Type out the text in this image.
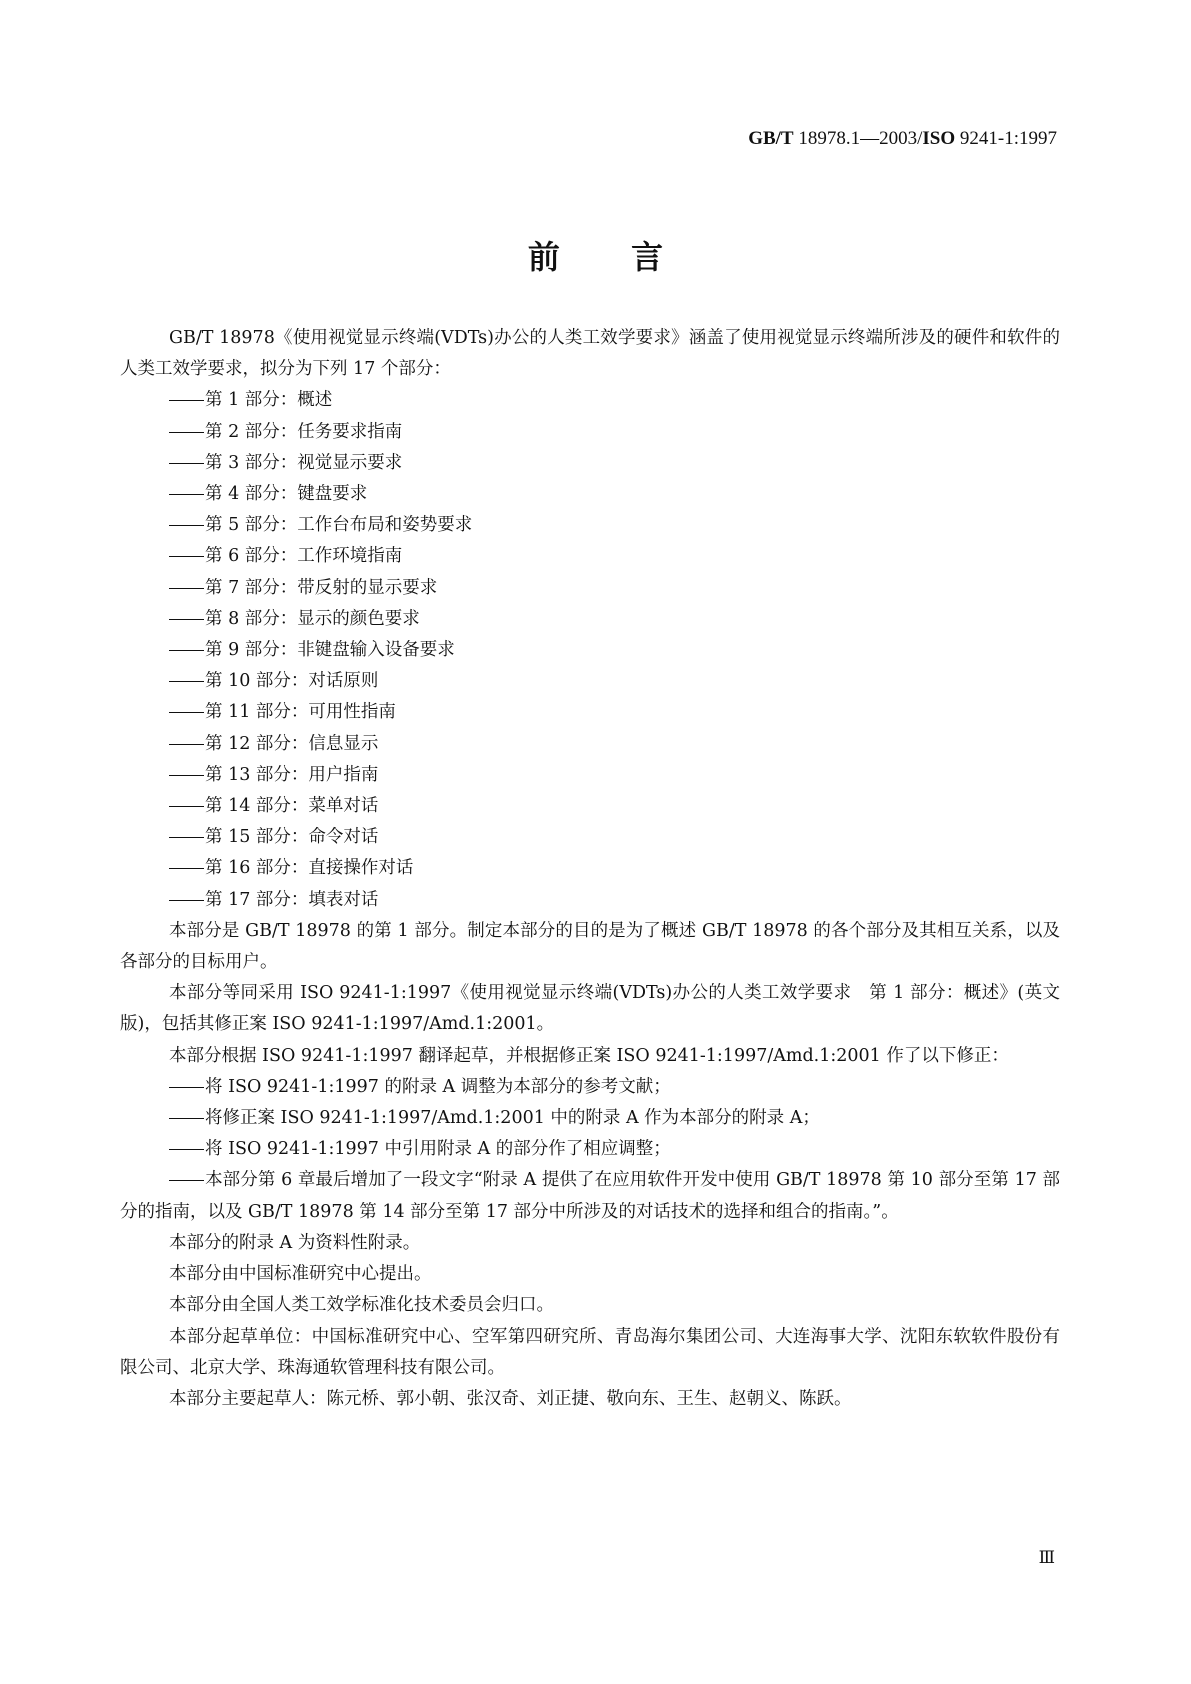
GB/T 18978.1—2003/ISO 9241-1:1997
前 言

GB/T 18978《使用视觉显示终端(VDTs)办公的人类工效学要求》涵盖了使用视觉显示终端所涉及的硬件和软件的人类工效学要求，拟分为下列 17 个部分：

第 1 部分：概述

第 2 部分：任务要求指南

第 3 部分：视觉显示要求

第 4 部分：键盘要求

第 5 部分：工作台布局和姿势要求

第 6 部分：工作环境指南

第 7 部分：带反射的显示要求

第 8 部分：显示的颜色要求

第 9 部分：非键盘输入设备要求

第 10 部分：对话原则

第 11 部分：可用性指南

第 12 部分：信息显示

第 13 部分：用户指南

第 14 部分：菜单对话

第 15 部分：命令对话

第 16 部分：直接操作对话

第 17 部分：填表对话

本部分是 GB/T 18978 的第 1 部分。制定本部分的目的是为了概述 GB/T 18978 的各个部分及其相互关系，以及各部分的目标用户。

本部分等同采用 ISO 9241-1:1997《使用视觉显示终端(VDTs)办公的人类工效学要求　第 1 部分：概述》(英文版)，包括其修正案 ISO 9241-1:1997/Amd.1:2001。

本部分根据 ISO 9241-1:1997 翻译起草，并根据修正案 ISO 9241-1:1997/Amd.1:2001 作了以下修正：

将 ISO 9241-1:1997 的附录 A 调整为本部分的参考文献；

将修正案 ISO 9241-1:1997/Amd.1:2001 中的附录 A 作为本部分的附录 A；

将 ISO 9241-1:1997 中引用附录 A 的部分作了相应调整；

本部分第 6 章最后增加了一段文字“附录 A 提供了在应用软件开发中使用 GB/T 18978 第 10 部分至第 17 部分的指南，以及 GB/T 18978 第 14 部分至第 17 部分中所涉及的对话技术的选择和组合的指南。”。

本部分的附录 A 为资料性附录。

本部分由中国标准研究中心提出。

本部分由全国人类工效学标准化技术委员会归口。

本部分起草单位：中国标准研究中心、空军第四研究所、青岛海尔集团公司、大连海事大学、沈阳东软软件股份有限公司、北京大学、珠海通软管理科技有限公司。

本部分主要起草人：陈元桥、郭小朝、张汉奇、刘正捷、敬向东、王生、赵朝义、陈跃。

Ⅲ
